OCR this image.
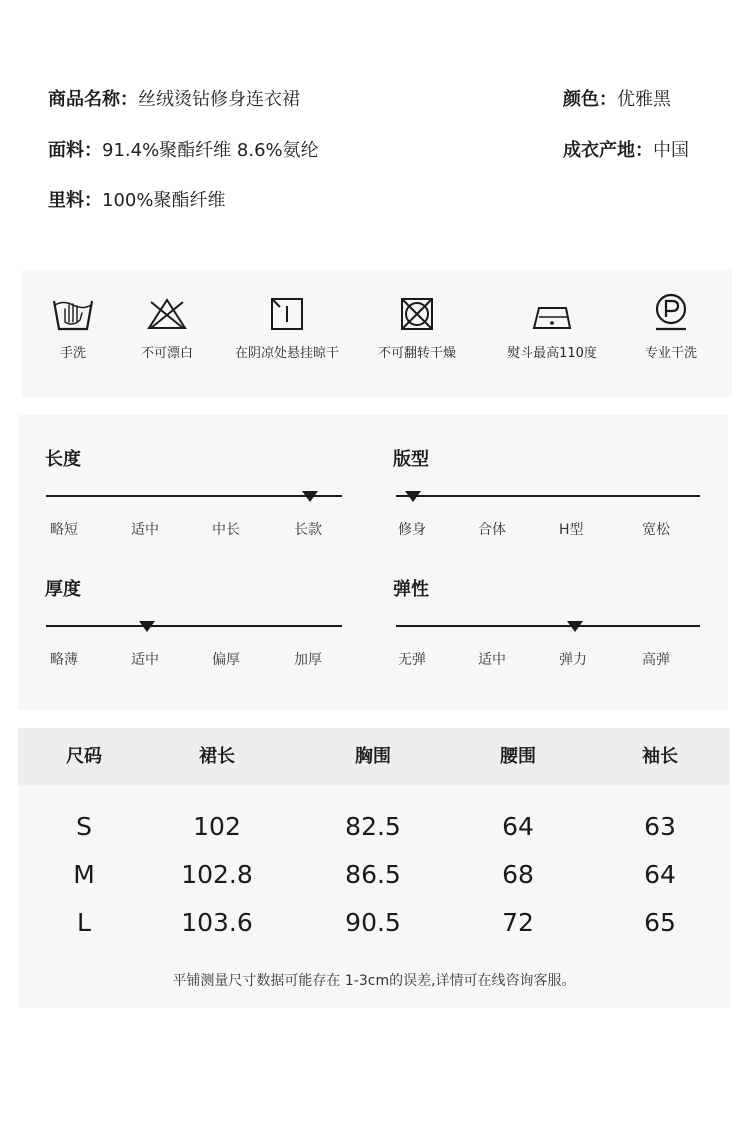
商品名称：丝绒烫钻修身连衣裙	颜色：优雅黑
面料：91.4%聚酯纤维 8.6%氨纶	成衣产地：中国
里料：100%聚酯纤维
手洗	不可漂白	在阴凉处悬挂晾干	不可翻转干燥	熨斗最高110度	专业干洗
长度
略短	适中	中长	长款
版型
修身	合体	H型	宽松
厚度
略薄	适中	偏厚	加厚
弹性
无弹	适中	弹力	高弹
尺码	裙长	胸围	腰围	袖长
S	102	82.5	64	63
M	102.8	86.5	68	64
L	103.6	90.5	72	65
平铺测量尺寸数据可能存在 1-3cm的误差,详情可在线咨询客服。
